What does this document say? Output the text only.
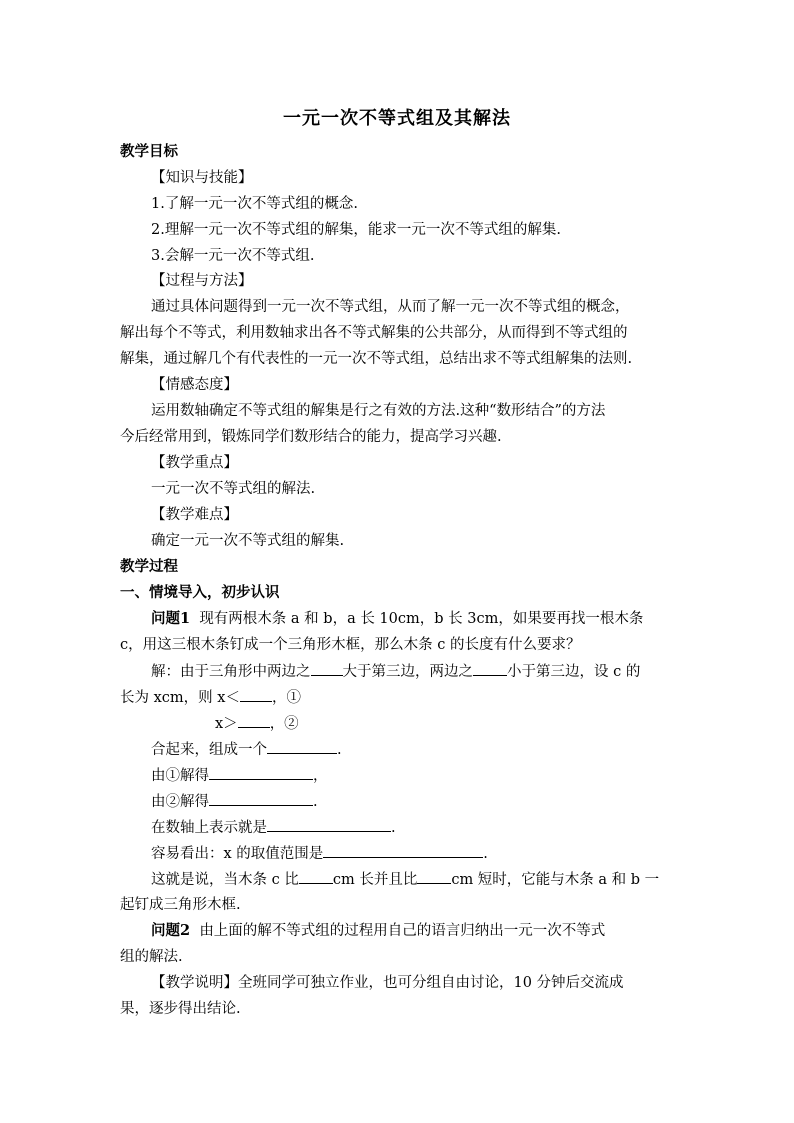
一元一次不等式组及其解法
教学目标
【知识与技能】
1.了解一元一次不等式组的概念.
2.理解一元一次不等式组的解集，能求一元一次不等式组的解集.
3.会解一元一次不等式组.
【过程与方法】
通过具体问题得到一元一次不等式组，从而了解一元一次不等式组的概念，
解出每个不等式，利用数轴求出各不等式解集的公共部分，从而得到不等式组的
解集，通过解几个有代表性的一元一次不等式组，总结出求不等式组解集的法则.
【情感态度】
运用数轴确定不等式组的解集是行之有效的方法.这种“数形结合”的方法
今后经常用到，锻炼同学们数形结合的能力，提高学习兴趣.
【教学重点】
一元一次不等式组的解法.
【教学难点】
确定一元一次不等式组的解集.
教学过程
一、情境导入，初步认识
问题1 现有两根木条 a 和 b，a 长 10cm，b 长 3cm，如果要再找一根木条
c，用这三根木条钉成一个三角形木框，那么木条 c 的长度有什么要求？
解：由于三角形中两边之 大于第三边，两边之 小于第三边，设 c 的
长为 xcm，则 x＜ ，①
x＞ ，②
合起来，组成一个	.
由①解得	，
由②解得	.
在数轴上表示就是	.
容易看出：x 的取值范围是	.
这就是说，当木条 c 比 cm 长并且比 cm 短时，它能与木条 a 和 b 一
起钉成三角形木框.
问题2 由上面的解不等式组的过程用自己的语言归纳出一元一次不等式
组的解法.
【教学说明】全班同学可独立作业，也可分组自由讨论，10 分钟后交流成
果，逐步得出结论.
